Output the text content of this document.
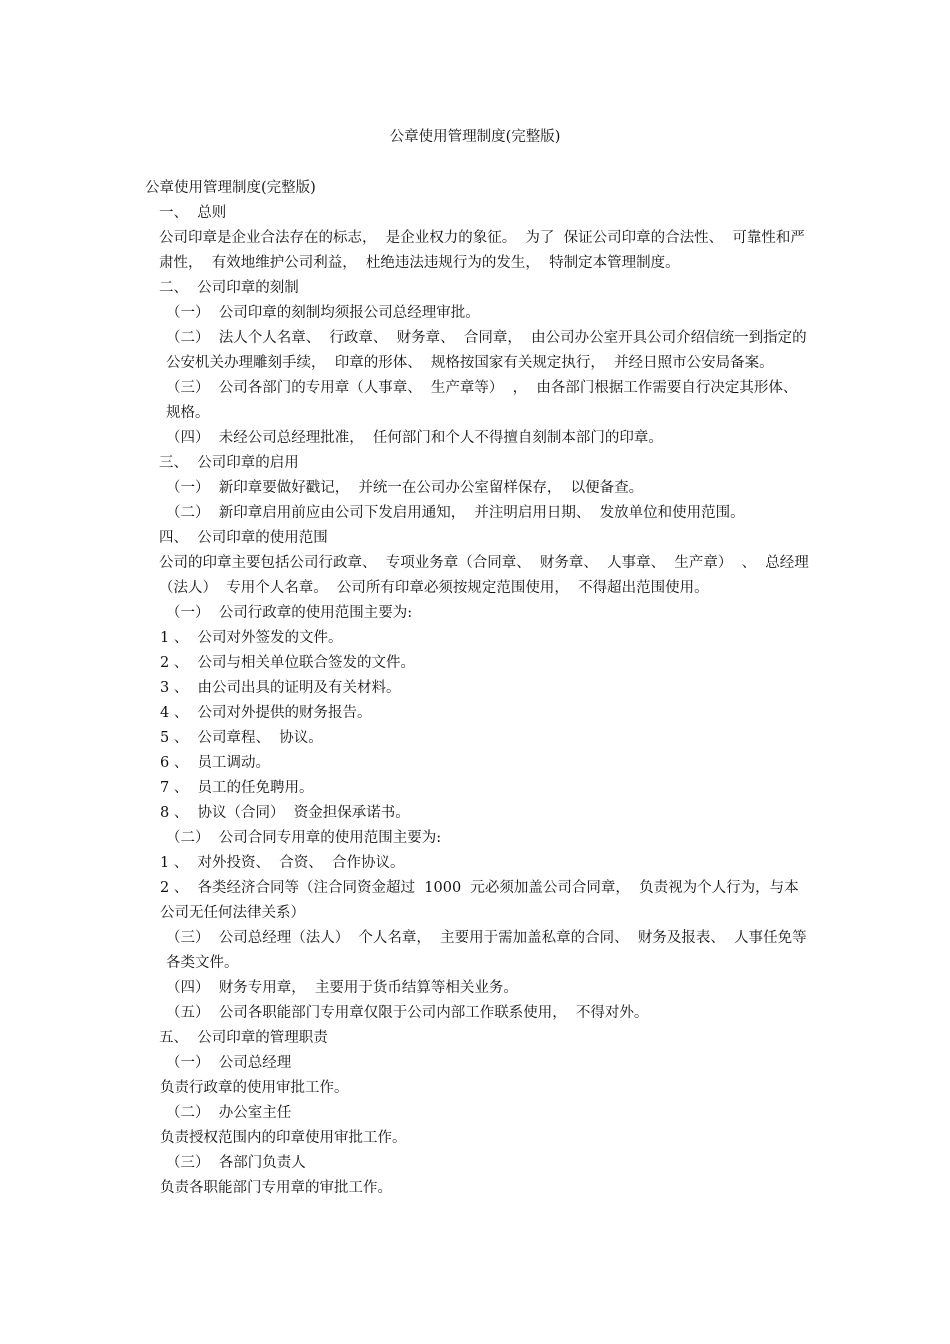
公章使用管理制度(完整版)

公章使用管理制度(完整版)

一、  总则

公司印章是企业合法存在的标志，  是企业权力的象征。  为了  保证公司印章的合法性、  可靠性和严肃性，  有效地维护公司利益，  杜绝违法违规行为的发生，  特制定本管理制度。

二、  公司印章的刻制

（一）  公司印章的刻制均须报公司总经理审批。

（二）  法人个人名章、  行政章、  财务章、  合同章，  由公司办公室开具公司介绍信统一到指定的公安机关办理雕刻手续，  印章的形体、  规格按国家有关规定执行，  并经日照市公安局备案。

（三）  公司各部门的专用章（人事章、  生产章等）  ，  由各部门根据工作需要自行决定其形体、  规格。

（四）  未经公司总经理批准，  任何部门和个人不得擅自刻制本部门的印章。

三、  公司印章的启用

（一）  新印章要做好戳记，  并统一在公司办公室留样保存，  以便备查。

（二）  新印章启用前应由公司下发启用通知，  并注明启用日期、  发放单位和使用范围。

四、  公司印章的使用范围

公司的印章主要包括公司行政章、  专项业务章（合同章、  财务章、  人事章、  生产章）  、  总经理（法人）  专用个人名章。  公司所有印章必须按规定范围使用，  不得超出范围使用。

（一）  公司行政章的使用范围主要为:

1 、  公司对外签发的文件。

2 、  公司与相关单位联合签发的文件。

3 、  由公司出具的证明及有关材料。

4 、  公司对外提供的财务报告。

5 、  公司章程、  协议。

6 、  员工调动。

7 、  员工的任免聘用。

8 、  协议（合同）  资金担保承诺书。

（二）  公司合同专用章的使用范围主要为:

1 、  对外投资、  合资、  合作协议。

2 、  各类经济合同等（注合同资金超过  1000  元必须加盖公司合同章，  负责视为个人行为，与本公司无任何法律关系）

（三）  公司总经理（法人）  个人名章，  主要用于需加盖私章的合同、  财务及报表、  人事任免等各类文件。

（四）  财务专用章，  主要用于货币结算等相关业务。

（五）  公司各职能部门专用章仅限于公司内部工作联系使用，  不得对外。

五、  公司印章的管理职责

（一）  公司总经理

负责行政章的使用审批工作。

（二）  办公室主任

负责授权范围内的印章使用审批工作。

（三）  各部门负责人

负责各职能部门专用章的审批工作。
